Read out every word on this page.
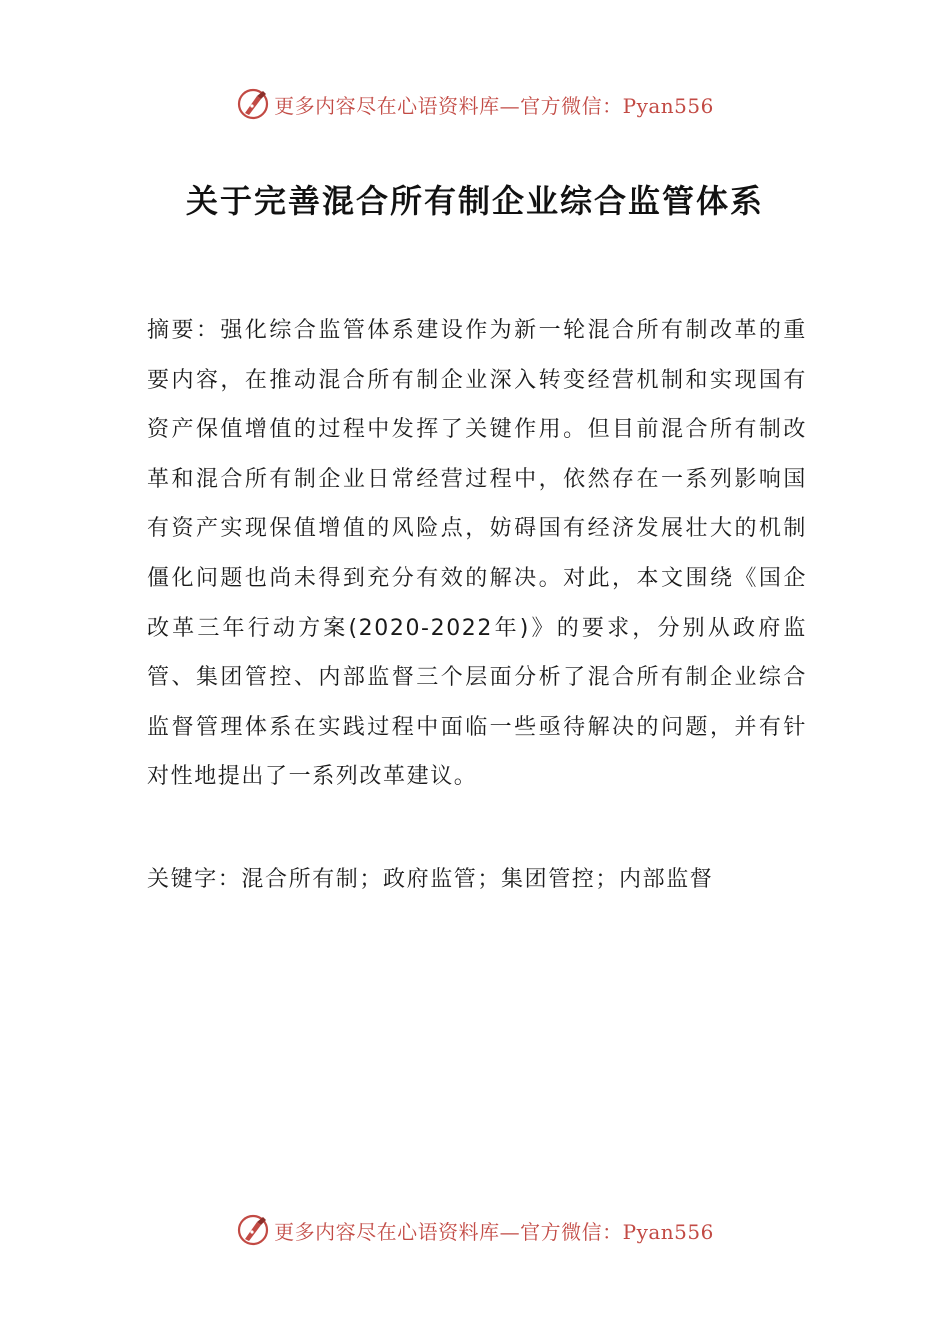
更多内容尽在心语资料库—官方微信：Pyan556
关于完善混合所有制企业综合监管体系

摘要：强化综合监管体系建设作为新一轮混合所有制改革的重要内容，在推动混合所有制企业深入转变经营机制和实现国有资产保值增值的过程中发挥了关键作用。但目前混合所有制改革和混合所有制企业日常经营过程中，依然存在一系列影响国有资产实现保值增值的风险点，妨碍国有经济发展壮大的机制僵化问题也尚未得到充分有效的解决。对此，本文围绕《国企改革三年行动方案(2020-2022年)》的要求，分别从政府监管、集团管控、内部监督三个层面分析了混合所有制企业综合监督管理体系在实践过程中面临一些亟待解决的问题，并有针对性地提出了一系列改革建议。

关键字：混合所有制；政府监管；集团管控；内部监督

更多内容尽在心语资料库—官方微信：Pyan556
